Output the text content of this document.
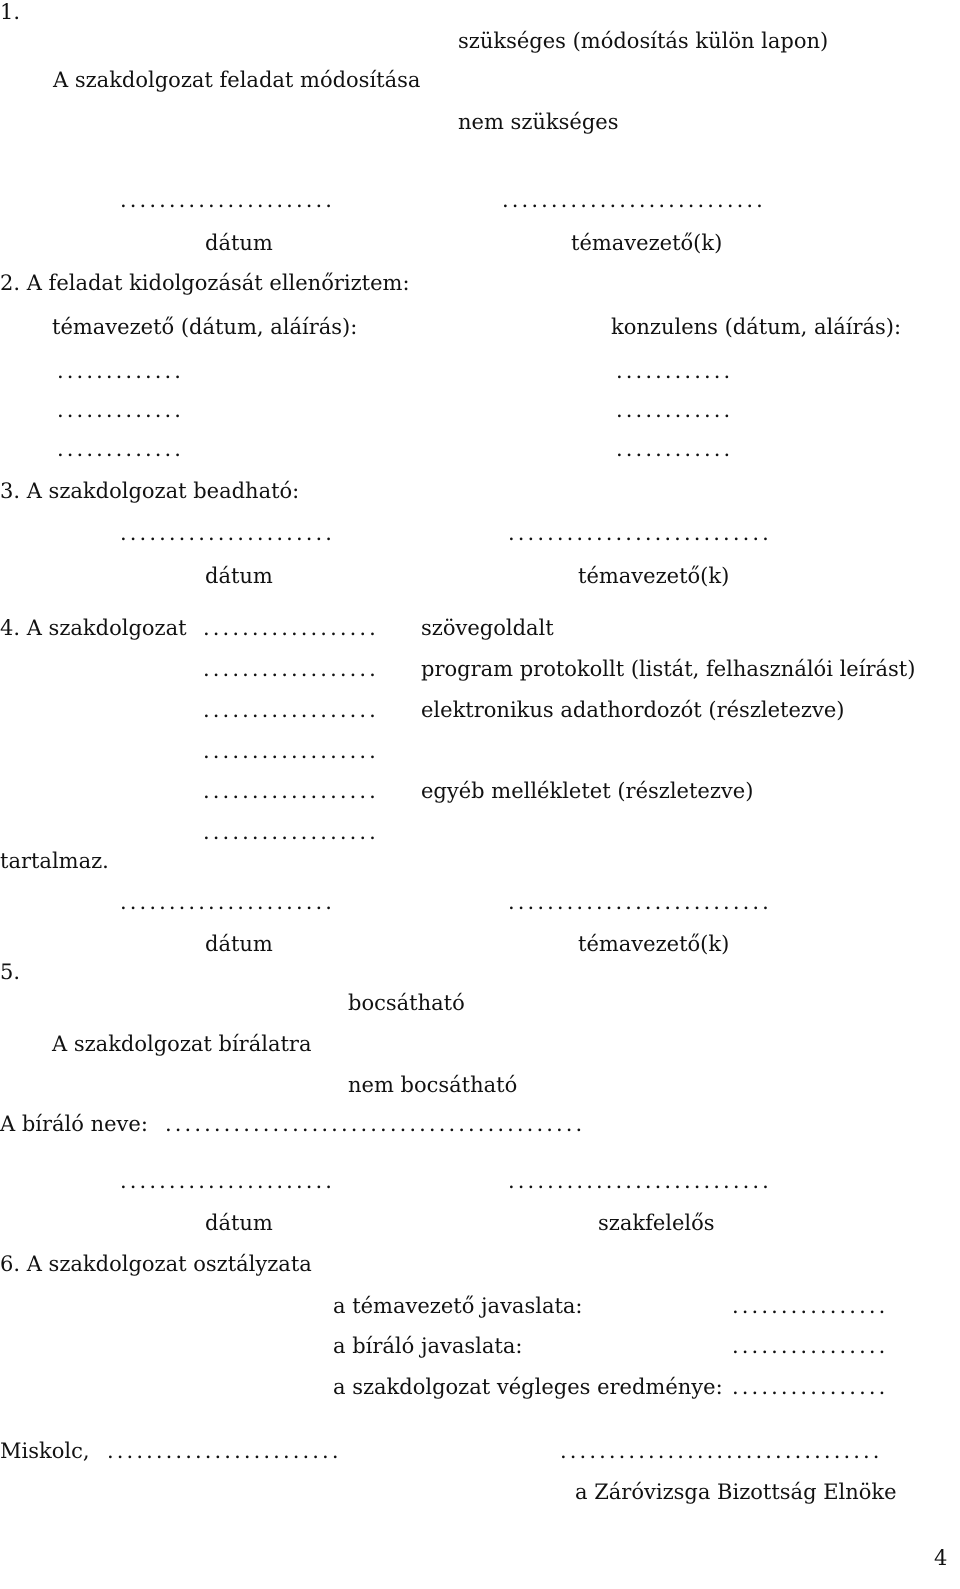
1.
szükséges (módosítás külön lapon)
A szakdolgozat feladat módosítása
nem szükséges
......................	...........................
dátum	témavezető(k)
2. A feladat kidolgozását ellenőriztem:
témavezető (dátum, aláírás):	konzulens (dátum, aláírás):
.............	............
.............	............
.............	............
3. A szakdolgozat beadható:
......................	...........................
dátum	témavezető(k)
4. A szakdolgozat .................. szövegoldalt
.................. program protokollt (listát, felhasználói leírást)
.................. elektronikus adathordozót (részletezve)
..................
.................. egyéb mellékletet (részletezve)
..................
tartalmaz.
......................	...........................
dátum	témavezető(k)
5.
bocsátható
A szakdolgozat bírálatra
nem bocsátható
A bíráló neve: ...........................................
......................	...........................
dátum	szakfelelős
6. A szakdolgozat osztályzata
a témavezető javaslata:	................
a bíráló javaslata:	................
a szakdolgozat végleges eredménye: ................
Miskolc, ........................	.................................
a Záróvizsga Bizottság Elnöke
4
